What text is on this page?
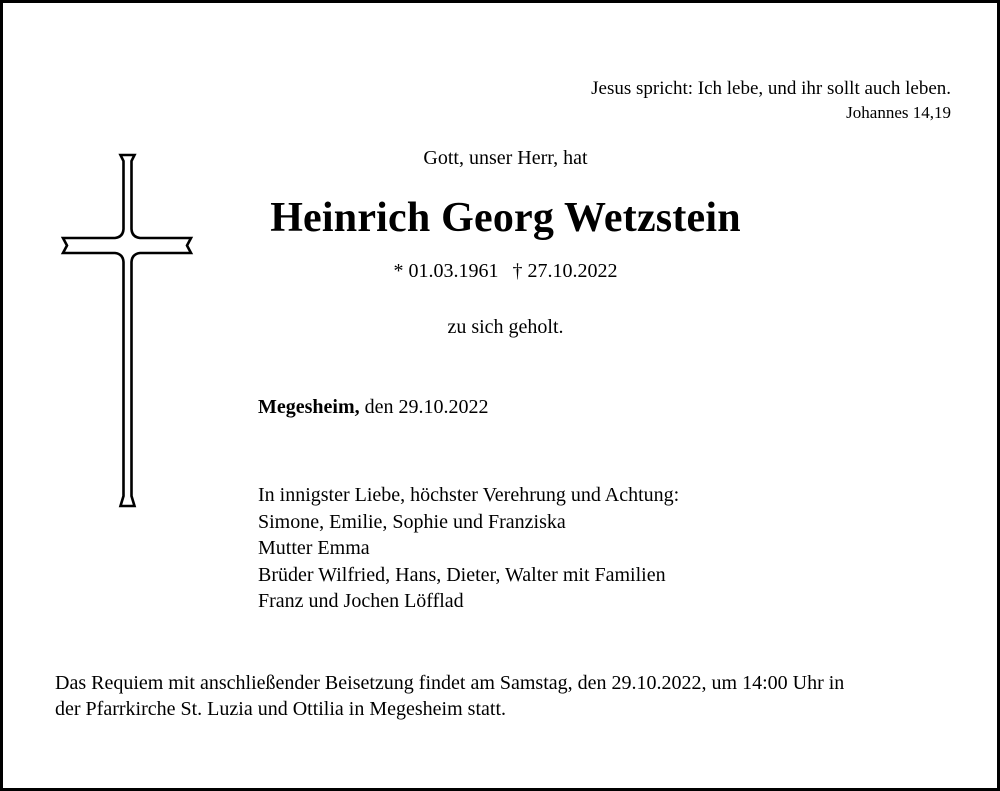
Jesus spricht: Ich lebe, und ihr sollt auch leben.
Johannes 14,19
Gott, unser Herr, hat
Heinrich Georg Wetzstein
* 01.03.1961 † 27.10.2022
zu sich geholt.
Megesheim, den 29.10.2022
In innigster Liebe, höchster Verehrung und Achtung:
Simone, Emilie, Sophie und Franziska
Mutter Emma
Brüder Wilfried, Hans, Dieter, Walter mit Familien
Franz und Jochen Löfflad
Das Requiem mit anschließender Beisetzung findet am Samstag, den 29.10.2022, um 14:00 Uhr in
der Pfarrkirche St. Luzia und Ottilia in Megesheim statt.
